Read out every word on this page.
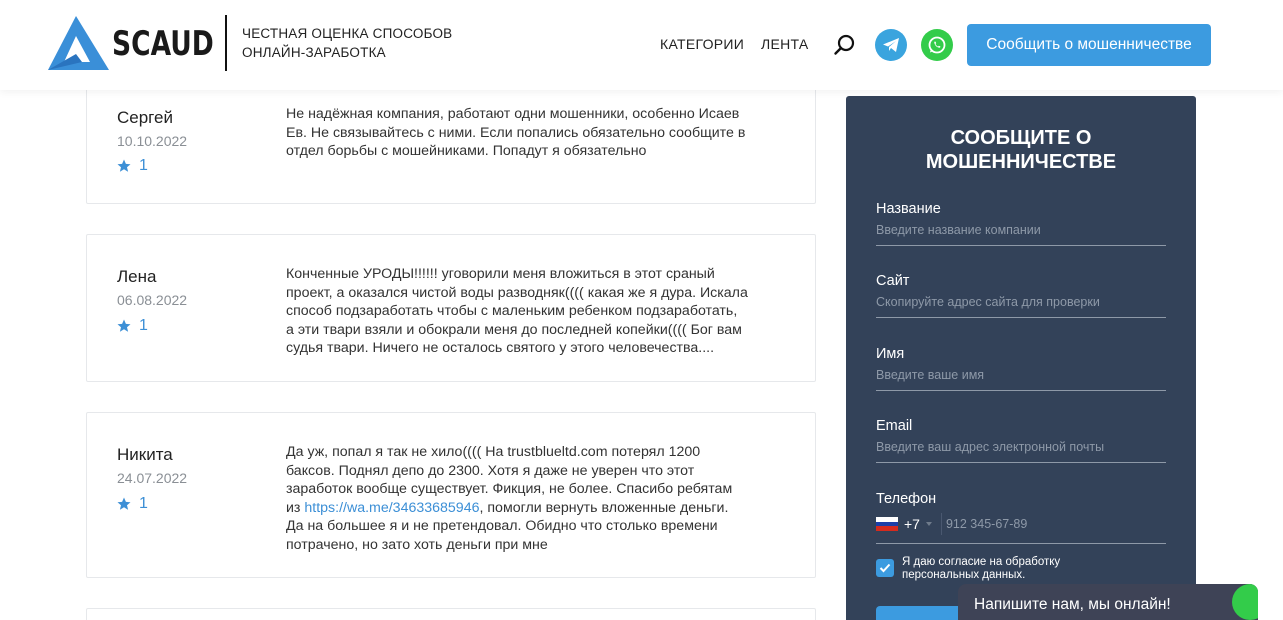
SCAUD ЧЕСТНАЯ ОЦЕНКА СПОСОБОВ
ОНЛАЙН-ЗАРАБОТКА
КАТЕГОРИИ ЛЕНТА	Сообщить о мошенничестве
Сергей
10.10.2022
1
Не надёжная компания, работают одни мошенники, особенно Исаев
Ев. Не связывайтесь с ними. Если попались обязательно сообщите в
отдел борьбы с мошейниками. Попадут я обязательно
Лена
06.08.2022
1
Конченные УРОДЫ!!!!!! уговорили меня вложиться в этот сраный
проект, а оказался чистой воды разводняк(((( какая же я дура. Искала
способ подзаработать чтобы с маленьким ребенком подзаработать,
а эти твари взяли и обокрали меня до последней копейки(((( Бог вам
судья твари. Ничего не осталось святого у этого человечества....
Никита
24.07.2022
1
Да уж, попал я так не хило(((( На trustblueltd.com потерял 1200
баксов. Поднял депо до 2300. Хотя я даже не уверен что этот
заработок вообще существует. Фикция, не более. Спасибо ребятам
из https://wa.me/34633685946, помогли вернуть вложенные деньги.
Да на большее я и не претендовал. Обидно что столько времени
потрачено, но зато хоть деньги при мне
СООБЩИТЕ О
МОШЕННИЧЕСТВЕ
Название
Введите название компании
Сайт
Скопируйте адрес сайта для проверки
Имя
Введите ваше имя
Email
Введите ваш адрес электронной почты
Телефон
+7
912 345-67-89
Я даю согласие на обработку
персональных данных.
Напишите нам, мы онлайн!
